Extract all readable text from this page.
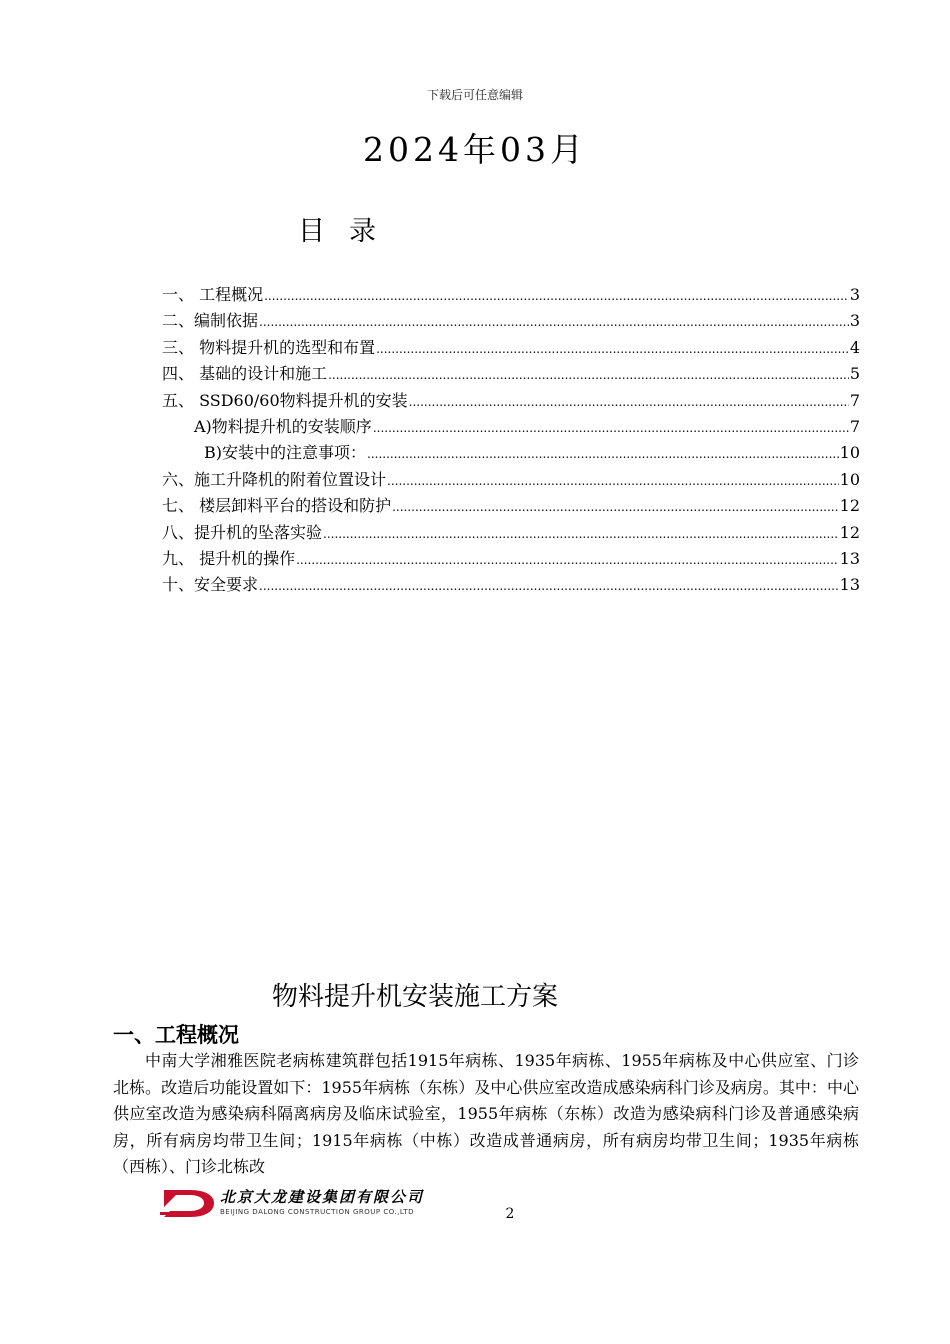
下载后可任意编辑
2024年03月
目 录
一、 工程概况 .....	3
二、编制依据 .....	3
三、 物料提升机的选型和布置 .....	4
四、 基础的设计和施工 .....	5
五、 SSD60/60物料提升机的安装 .....	7
A)物料提升机的安装顺序 .....	7
B)安装中的注意事项： .....	10
六、施工升降机的附着位置设计 .....	10
七、 楼层卸料平台的搭设和防护 .....	12
八、提升机的坠落实验 .....	12
九、 提升机的操作 .....	13
十、安全要求 .....	13
物料提升机安装施工方案
一、工程概况
中南大学湘雅医院老病栋建筑群包括1915年病栋、1935年病栋、1955年病栋及中心供应室、门诊北栋。改造后功能设置如下：1955年病栋（东栋）及中心供应室改造成感染病科门诊及病房。其中：中心供应室改造为感染病科隔离病房及临床试验室，1955年病栋（东栋）改造为感染病科门诊及普通感染病房，所有病房均带卫生间；1915年病栋（中栋）改造成普通病房，所有病房均带卫生间；1935年病栋（西栋）、门诊北栋改
北京大龙建设集团有限公司
BEIJING DALONG CONSTRUCTION GROUP CO.,LTD	2
